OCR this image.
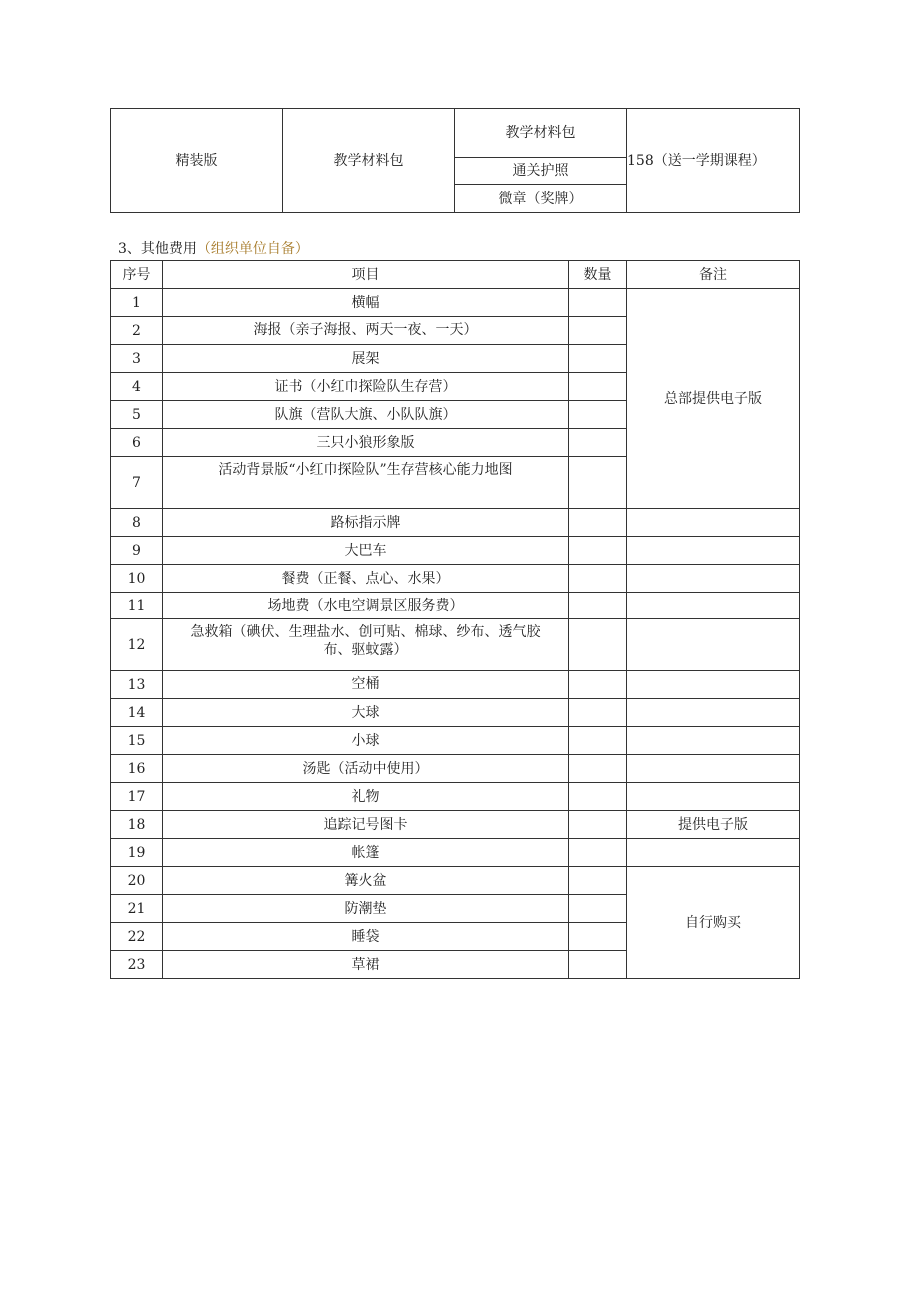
精装版	教学材料包	教学材料包	158（送一学期课程）
通关护照
微章（奖牌）
3、其他费用（组织单位自备）
序号	项目	数量	备注
1	横幅		总部提供电子版
2	海报（亲子海报、两天一夜、一天）		
3	展架		
4	证书（小红巾探险队生存营）		
5	队旗（营队大旗、小队队旗）		
6	三只小狼形象版		
7	活动背景版“小红巾探险队”生存营核心能力地图		
8	路标指示牌		
9	大巴车		
10	餐费（正餐、点心、水果）		
11	场地费（水电空调景区服务费）		
12	急救箱（碘伏、生理盐水、创可贴、棉球、纱布、透气胶
布、驱蚊露）		

13	空桶		
14	大球		
15	小球		
16	汤匙（活动中使用）		
17	礼物		
18	追踪记号图卡		提供电子版
19	帐篷		
20	篝火盆		自行购买
21	防潮垫		
22	睡袋		
23	草裙		
